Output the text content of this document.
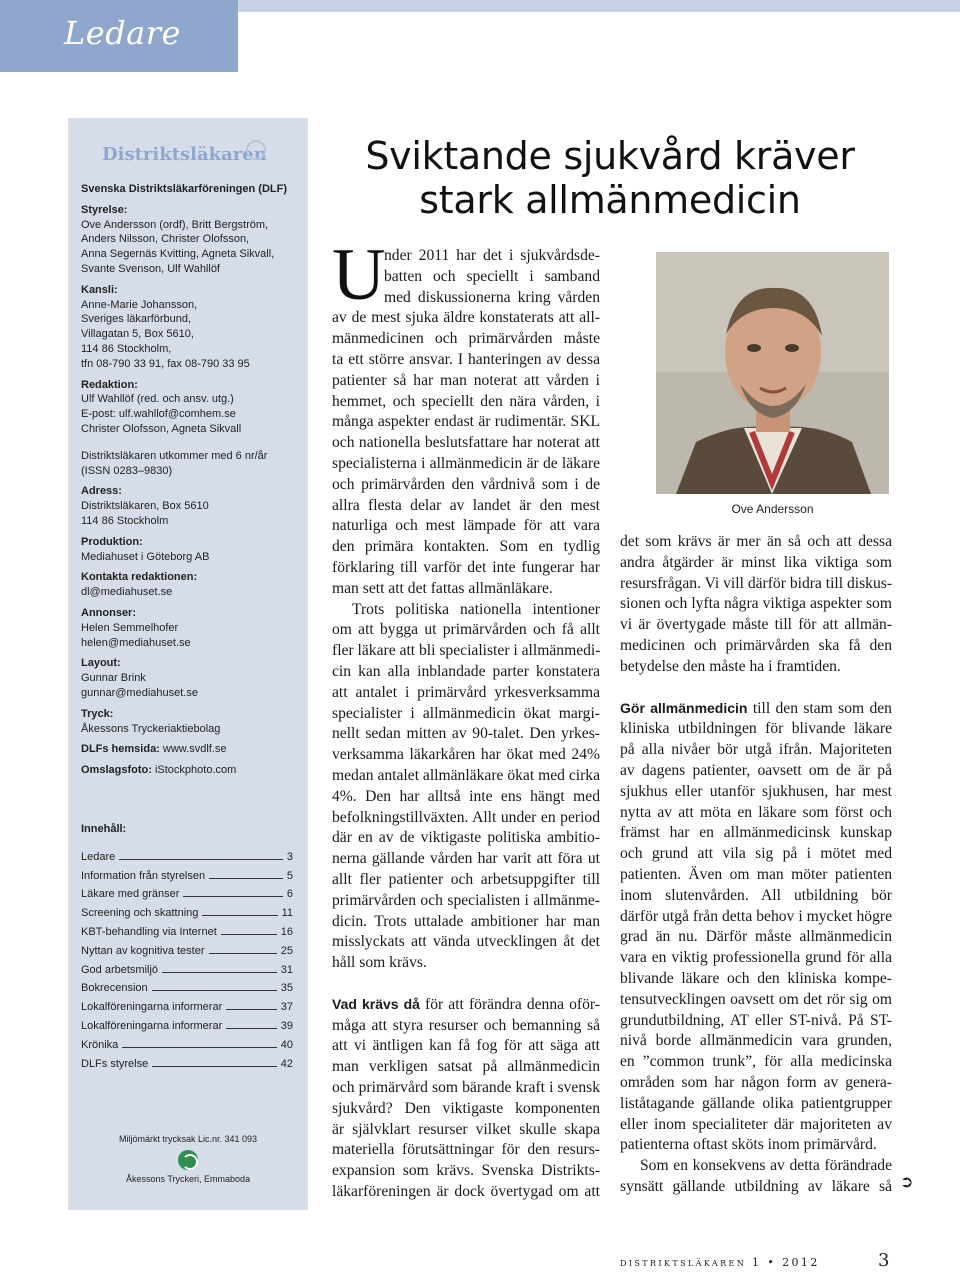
Ledare
Distriktsläkaren
Svenska Distriktsläkarföreningen (DLF)
Styrelse:
Ove Andersson (ordf), Britt Bergström,
Anders Nilsson, Christer Olofsson,
Anna Segernäs Kvitting, Agneta Sikvall,
Svante Svenson, Ulf Wahllöf
Kansli:
Anne-Marie Johansson,
Sveriges läkarförbund,
Villagatan 5, Box 5610,
114 86 Stockholm,
tfn 08-790 33 91, fax 08-790 33 95
Redaktion:
Ulf Wahllöf (red. och ansv. utg.)
E-post: ulf.wahllof@comhem.se
Christer Olofsson, Agneta Sikvall
Distriktsläkaren utkommer med 6 nr/år
(ISSN 0283–9830)
Adress:
Distriktsläkaren, Box 5610
114 86 Stockholm
Produktion:
Mediahuset i Göteborg AB
Kontakta redaktionen:
dl@mediahuset.se
Annonser:
Helen Semmelhofer
helen@mediahuset.se
Layout:
Gunnar Brink
gunnar@mediahuset.se
Tryck:
Åkessons Tryckeriaktiebolag
DLFs hemsida: www.svdlf.se
Omslagsfoto: iStockphoto.com
Innehåll:
Ledare	3
Information från styrelsen	5
Läkare med gränser	6
Screening och skattning	11
KBT-behandling via Internet	16
Nyttan av kognitiva tester	25
God arbetsmiljö	31
Bokrecension	35
Lokalföreningarna informerar	37
Lokalföreningarna informerar	39
Krönika	40
DLFs styrelse	42
Miljömärkt trycksak Lic.nr. 341 093
Åkessons Tryckeri, Emmaboda
Sviktande sjukvård kräver
stark allmänmedicin
U
nder 2011 har det i sjukvårdsde-
batten och speciellt i samband
med diskussionerna kring vården
av de mest sjuka äldre konstaterats att all-
mänmedicinen och primärvården måste
ta ett större ansvar. I hanteringen av dessa
patienter så har man noterat att vården i
hemmet, och speciellt den nära vården, i
många aspekter endast är rudimentär. SKL
och nationella beslutsfattare har noterat att
specialisterna i allmänmedicin är de läkare
och primärvården den vårdnivå som i de
allra flesta delar av landet är den mest
naturliga och mest lämpade för att vara
den primära kontakten. Som en tydlig
förklaring till varför det inte fungerar har
man sett att det fattas allmänläkare.
Trots politiska nationella intentioner
om att bygga ut primärvården och få allt
fler läkare att bli specialister i allmänmedi-
cin kan alla inblandade parter konstatera
att antalet i primärvård yrkesverksamma
specialister i allmänmedicin ökat margi-
nellt sedan mitten av 90-talet. Den yrkes-
verksamma läkarkåren har ökat med 24%
medan antalet allmänläkare ökat med cirka
4%. Den har alltså inte ens hängt med
befolkningstillväxten. Allt under en period
där en av de viktigaste politiska ambitio-
nerna gällande vården har varit att föra ut
allt fler patienter och arbetsuppgifter till
primärvården och specialisten i allmänme-
dicin. Trots uttalade ambitioner har man
misslyckats att vända utvecklingen åt det
håll som krävs.
Vad krävs då för att förändra denna oför-
måga att styra resurser och bemanning så
att vi äntligen kan få fog för att säga att
man verkligen satsat på allmänmedicin
och primärvård som bärande kraft i svensk
sjukvård? Den viktigaste komponenten
är självklart resurser vilket skulle skapa
materiella förutsättningar för den resurs-
expansion som krävs. Svenska Distrikts-
läkarföreningen är dock övertygad om att
Ove Andersson
det som krävs är mer än så och att dessa
andra åtgärder är minst lika viktiga som
resursfrågan. Vi vill därför bidra till diskus-
sionen och lyfta några viktiga aspekter som
vi är övertygade måste till för att allmän-
medicinen och primärvården ska få den
betydelse den måste ha i framtiden.
Gör allmänmedicin till den stam som den
kliniska utbildningen för blivande läkare
på alla nivåer bör utgå ifrån. Majoriteten
av dagens patienter, oavsett om de är på
sjukhus eller utanför sjukhusen, har mest
nytta av att möta en läkare som först och
främst har en allmänmedicinsk kunskap
och grund att vila sig på i mötet med
patienten. Även om man möter patienten
inom slutenvården. All utbildning bör
därför utgå från detta behov i mycket högre
grad än nu. Därför måste allmänmedicin
vara en viktig professionella grund för alla
blivande läkare och den kliniska kompe-
tensutvecklingen oavsett om det rör sig om
grundutbildning, AT eller ST-nivå. På ST-
nivå borde allmänmedicin vara grunden,
en ”common trunk”, för alla medicinska
områden som har någon form av genera-
liståtagande gällande olika patientgrupper
eller inom specialiteter där majoriteten av
patienterna oftast sköts inom primärvård.
Som en konsekvens av detta förändrade
synsätt gällande utbildning av läkare så ➲
distriktsläkaren 1 • 2012	3
